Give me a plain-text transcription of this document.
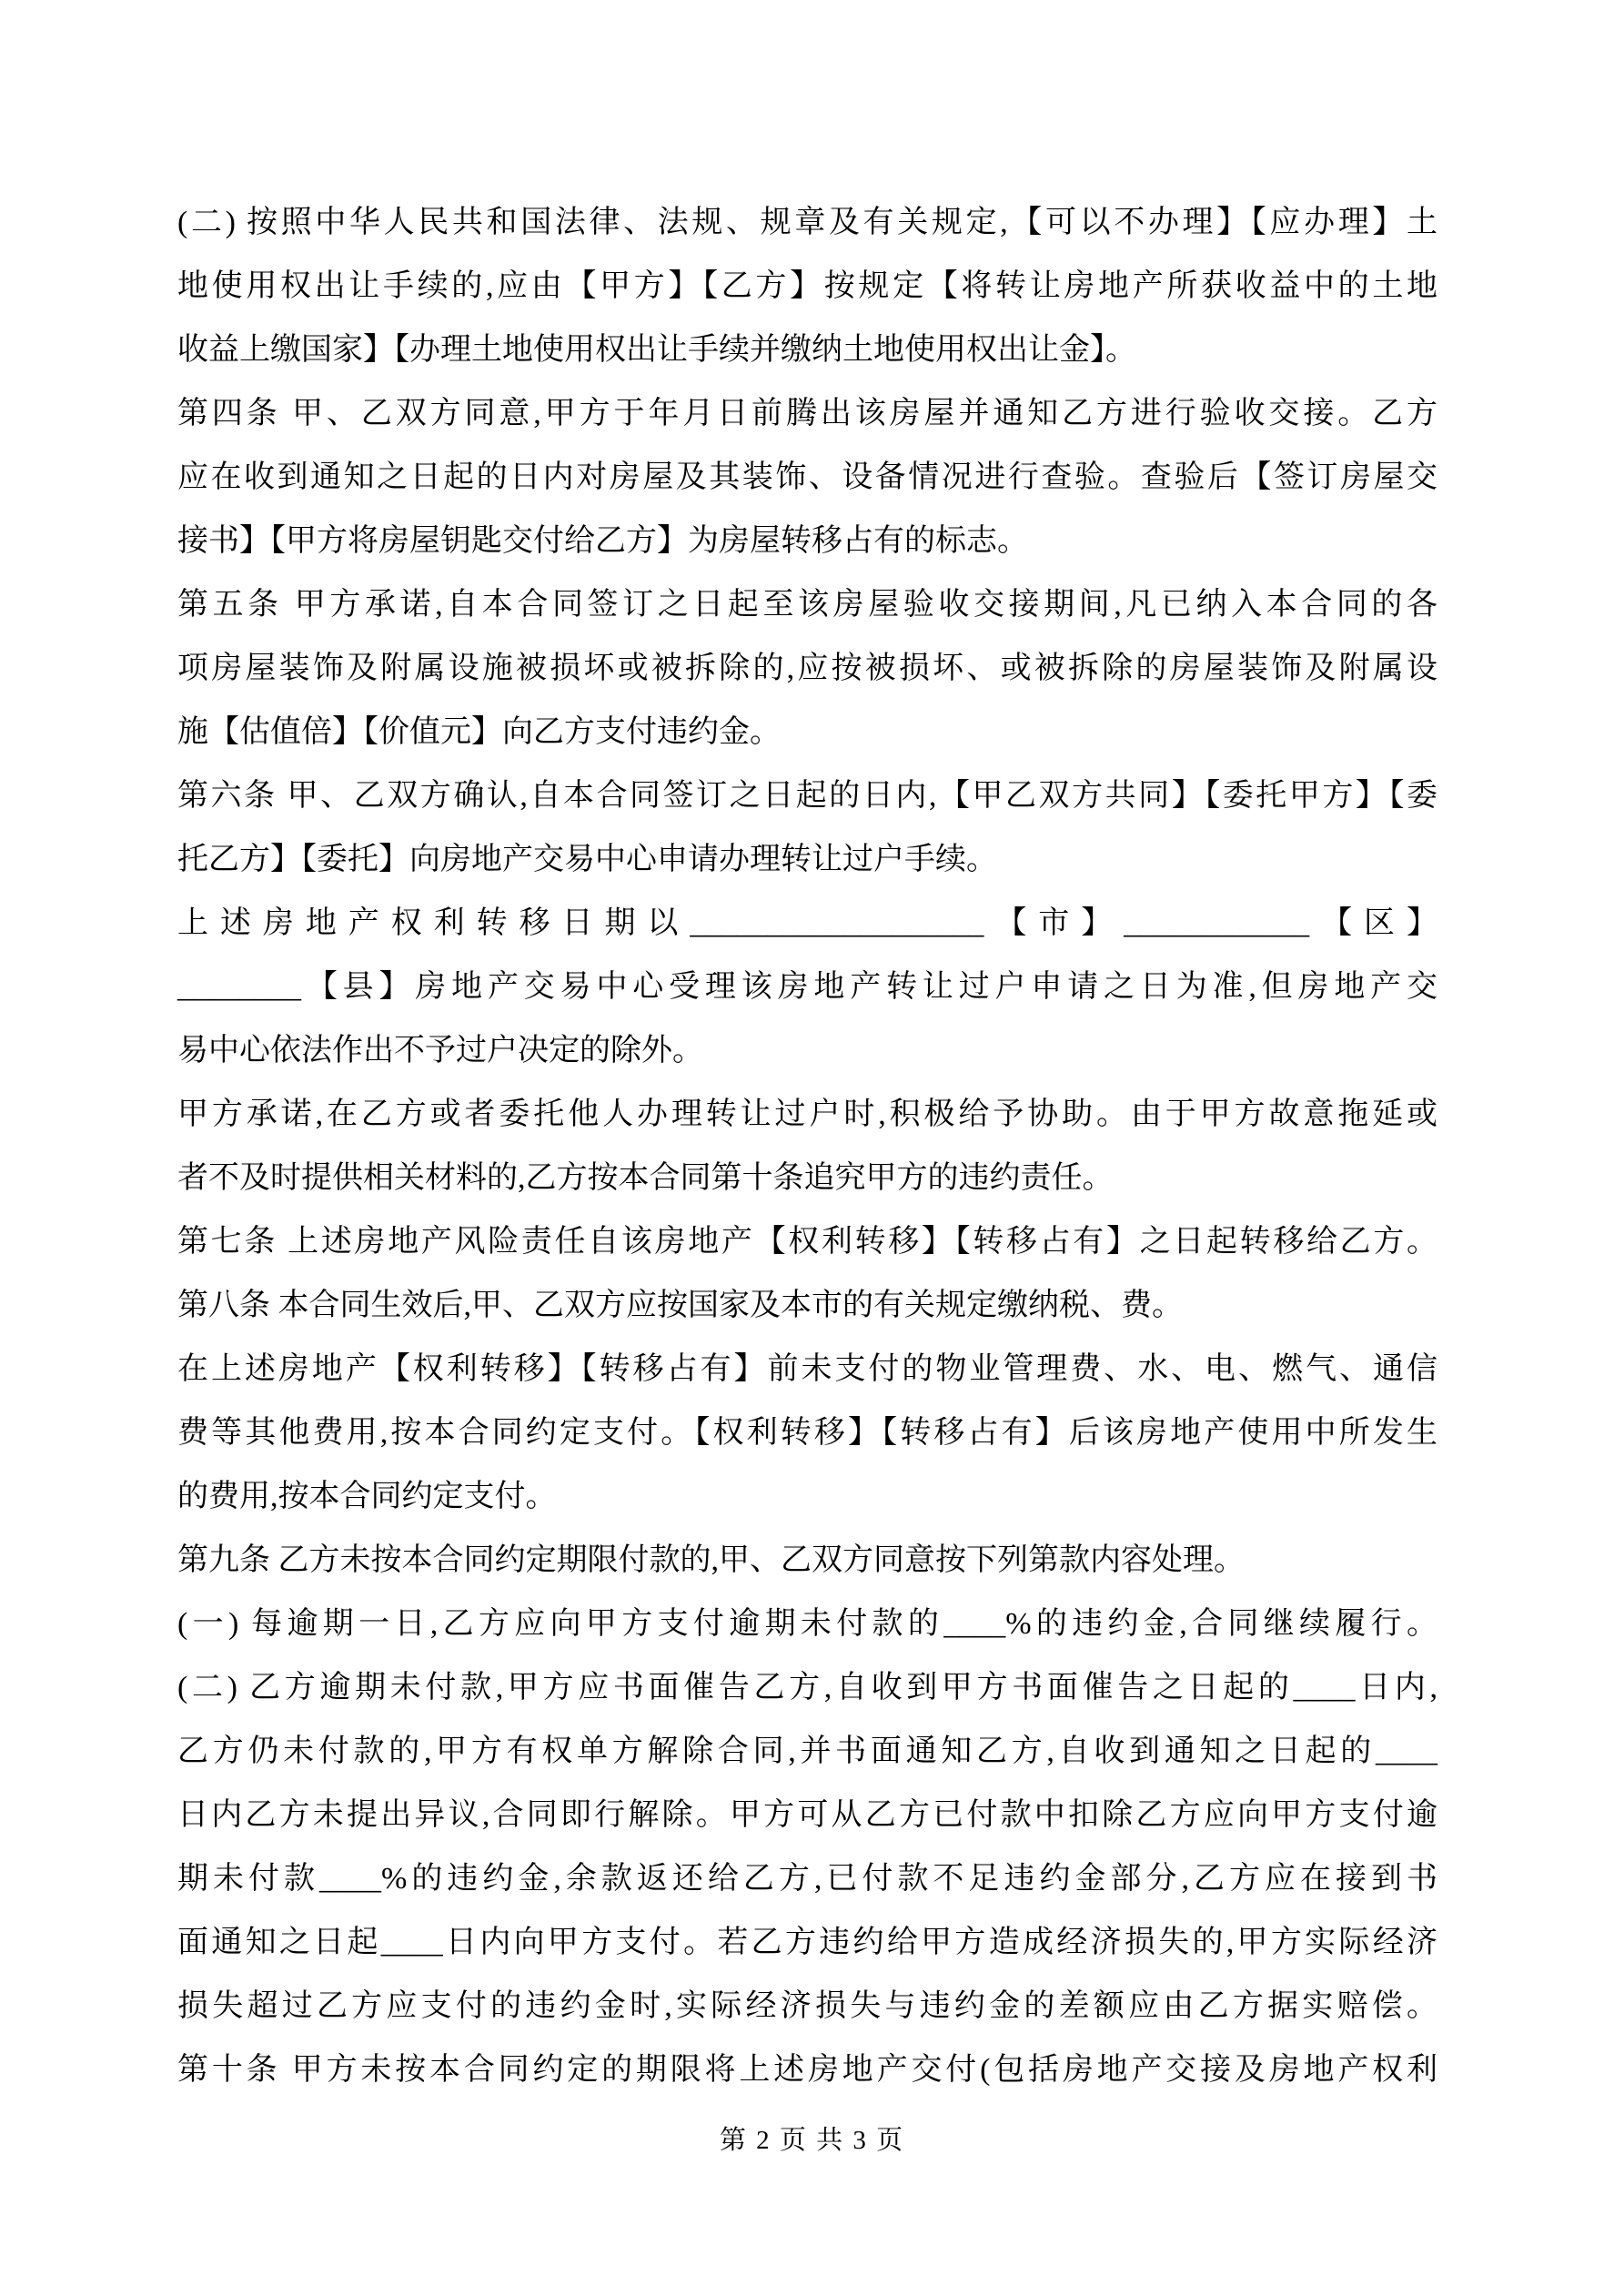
(二) 按照中华人民共和国法律、法规、规章及有关规定,【可以不办理】【应办理】土
地使用权出让手续的,应由【甲方】【乙方】按规定【将转让房地产所获收益中的土地
收益上缴国家】【办理土地使用权出让手续并缴纳土地使用权出让金】。
第四条 甲、乙双方同意,甲方于年月日前腾出该房屋并通知乙方进行验收交接。乙方
应在收到通知之日起的日内对房屋及其装饰、设备情况进行查验。查验后【签订房屋交
接书】【甲方将房屋钥匙交付给乙方】为房屋转移占有的标志。
第五条 甲方承诺,自本合同签订之日起至该房屋验收交接期间,凡已纳入本合同的各
项房屋装饰及附属设施被损坏或被拆除的,应按被损坏、或被拆除的房屋装饰及附属设
施【估值倍】【价值元】向乙方支付违约金。
第六条 甲、乙双方确认,自本合同签订之日起的日内,【甲乙双方共同】【委托甲方】【委
托乙方】【委托】向房地产交易中心申请办理转让过户手续。
上述房地产权利转移日期以___________________【市】____________【区】
________【县】房地产交易中心受理该房地产转让过户申请之日为准,但房地产交
易中心依法作出不予过户决定的除外。
甲方承诺,在乙方或者委托他人办理转让过户时,积极给予协助。由于甲方故意拖延或
者不及时提供相关材料的,乙方按本合同第十条追究甲方的违约责任。
第七条 上述房地产风险责任自该房地产【权利转移】【转移占有】之日起转移给乙方。
第八条 本合同生效后,甲、乙双方应按国家及本市的有关规定缴纳税、费。
在上述房地产【权利转移】【转移占有】前未支付的物业管理费、水、电、燃气、通信
费等其他费用,按本合同约定支付。【权利转移】【转移占有】后该房地产使用中所发生
的费用,按本合同约定支付。
第九条 乙方未按本合同约定期限付款的,甲、乙双方同意按下列第款内容处理。
(一) 每逾期一日,乙方应向甲方支付逾期未付款的____%的违约金,合同继续履行。
(二) 乙方逾期未付款,甲方应书面催告乙方,自收到甲方书面催告之日起的____日内,
乙方仍未付款的,甲方有权单方解除合同,并书面通知乙方,自收到通知之日起的____
日内乙方未提出异议,合同即行解除。甲方可从乙方已付款中扣除乙方应向甲方支付逾
期未付款____%的违约金,余款返还给乙方,已付款不足违约金部分,乙方应在接到书
面通知之日起____日内向甲方支付。若乙方违约给甲方造成经济损失的,甲方实际经济
损失超过乙方应支付的违约金时,实际经济损失与违约金的差额应由乙方据实赔偿。
第十条 甲方未按本合同约定的期限将上述房地产交付(包括房地产交接及房地产权利
第 2 页 共 3 页
